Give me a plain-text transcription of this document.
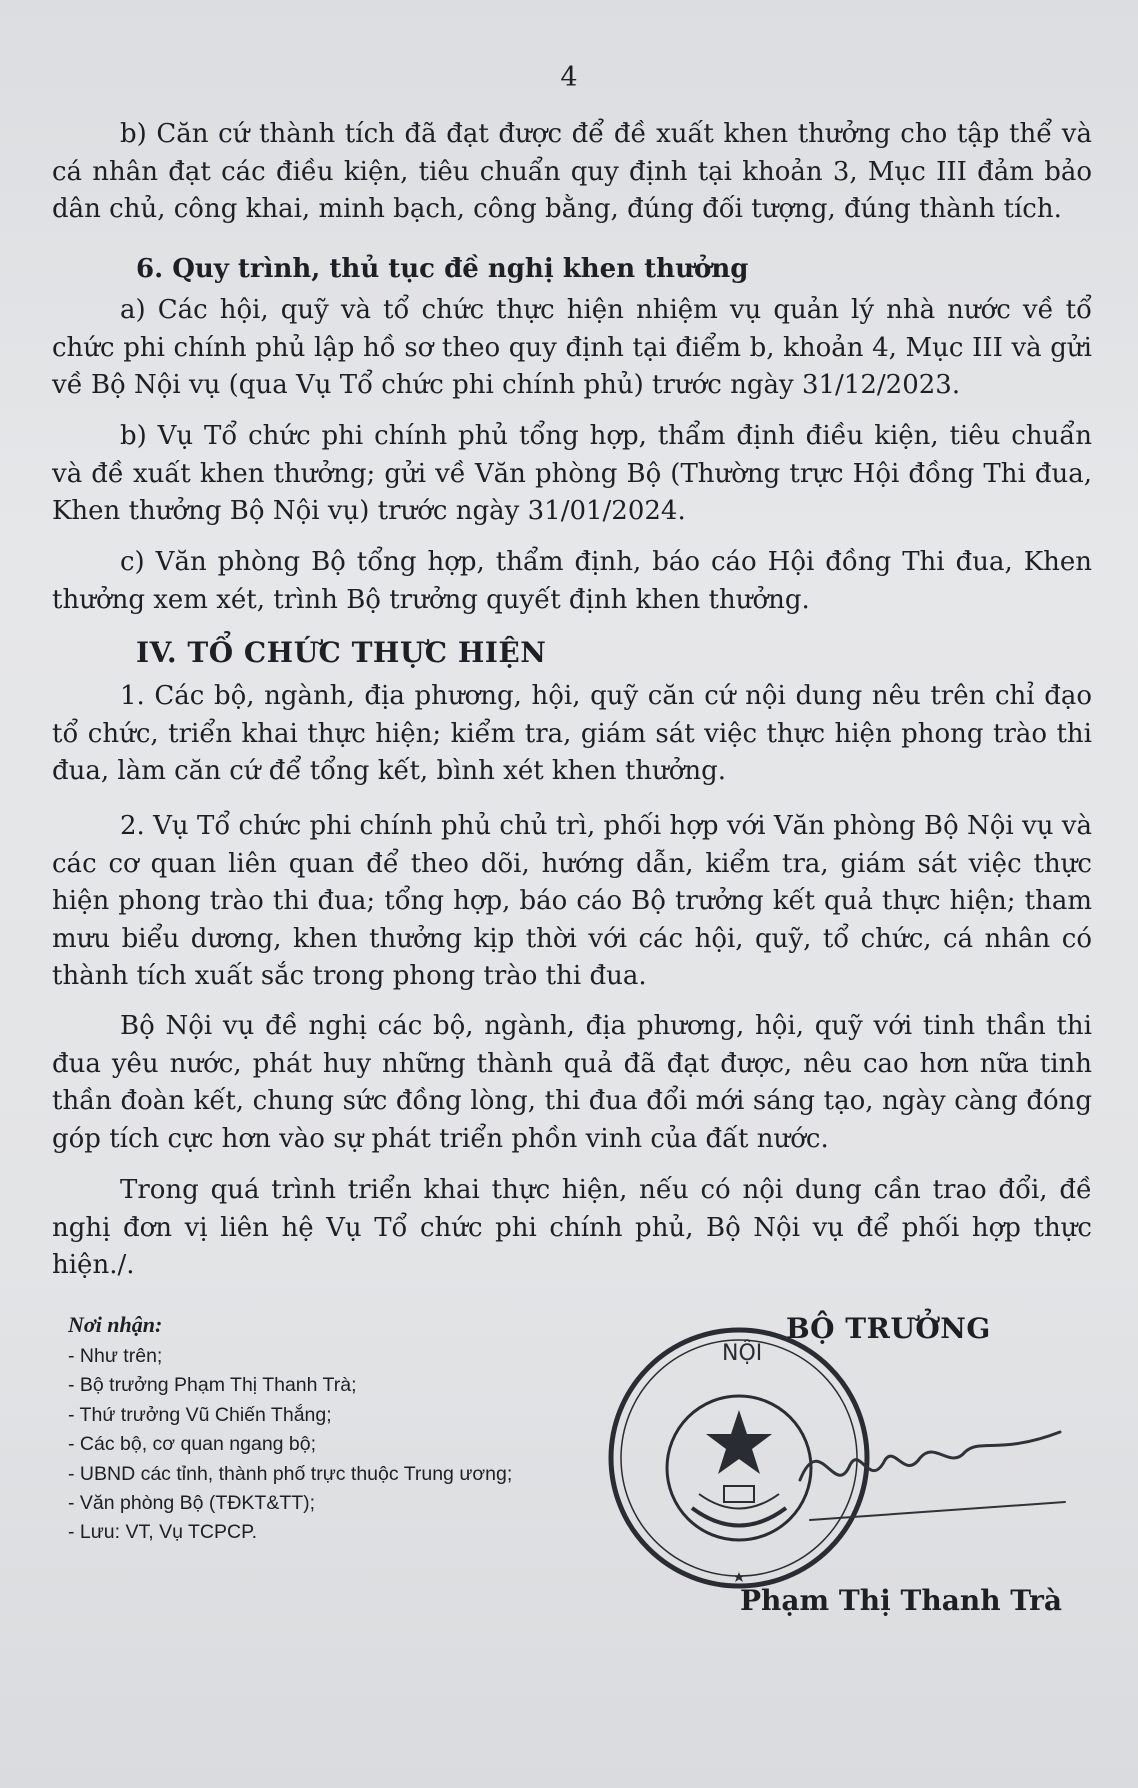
4

b) Căn cứ thành tích đã đạt được để đề xuất khen thưởng cho tập thể và cá nhân đạt các điều kiện, tiêu chuẩn quy định tại khoản 3, Mục III đảm bảo dân chủ, công khai, minh bạch, công bằng, đúng đối tượng, đúng thành tích.

6. Quy trình, thủ tục đề nghị khen thưởng

a) Các hội, quỹ và tổ chức thực hiện nhiệm vụ quản lý nhà nước về tổ chức phi chính phủ lập hồ sơ theo quy định tại điểm b, khoản 4, Mục III và gửi về Bộ Nội vụ (qua Vụ Tổ chức phi chính phủ) trước ngày 31/12/2023.

b) Vụ Tổ chức phi chính phủ tổng hợp, thẩm định điều kiện, tiêu chuẩn và đề xuất khen thưởng; gửi về Văn phòng Bộ (Thường trực Hội đồng Thi đua, Khen thưởng Bộ Nội vụ) trước ngày 31/01/2024.

c) Văn phòng Bộ tổng hợp, thẩm định, báo cáo Hội đồng Thi đua, Khen thưởng xem xét, trình Bộ trưởng quyết định khen thưởng.

IV. TỔ CHỨC THỰC HIỆN

1. Các bộ, ngành, địa phương, hội, quỹ căn cứ nội dung nêu trên chỉ đạo tổ chức, triển khai thực hiện; kiểm tra, giám sát việc thực hiện phong trào thi đua, làm căn cứ để tổng kết, bình xét khen thưởng.

2. Vụ Tổ chức phi chính phủ chủ trì, phối hợp với Văn phòng Bộ Nội vụ và các cơ quan liên quan để theo dõi, hướng dẫn, kiểm tra, giám sát việc thực hiện phong trào thi đua; tổng hợp, báo cáo Bộ trưởng kết quả thực hiện; tham mưu biểu dương, khen thưởng kịp thời với các hội, quỹ, tổ chức, cá nhân có thành tích xuất sắc trong phong trào thi đua.

Bộ Nội vụ đề nghị các bộ, ngành, địa phương, hội, quỹ với tinh thần thi đua yêu nước, phát huy những thành quả đã đạt được, nêu cao hơn nữa tinh thần đoàn kết, chung sức đồng lòng, thi đua đổi mới sáng tạo, ngày càng đóng góp tích cực hơn vào sự phát triển phồn vinh của đất nước.

Trong quá trình triển khai thực hiện, nếu có nội dung cần trao đổi, đề nghị đơn vị liên hệ Vụ Tổ chức phi chính phủ, Bộ Nội vụ để phối hợp thực hiện./.

Nơi nhận:
- Như trên;
- Bộ trưởng Phạm Thị Thanh Trà;
- Thứ trưởng Vũ Chiến Thắng;
- Các bộ, cơ quan ngang bộ;
- UBND các tỉnh, thành phố trực thuộc Trung ương;
- Văn phòng Bộ (TĐKT&TT);
- Lưu: VT, Vụ TCPCP.
BỘ TRƯỞNG
NỘI
Phạm Thị Thanh Trà
